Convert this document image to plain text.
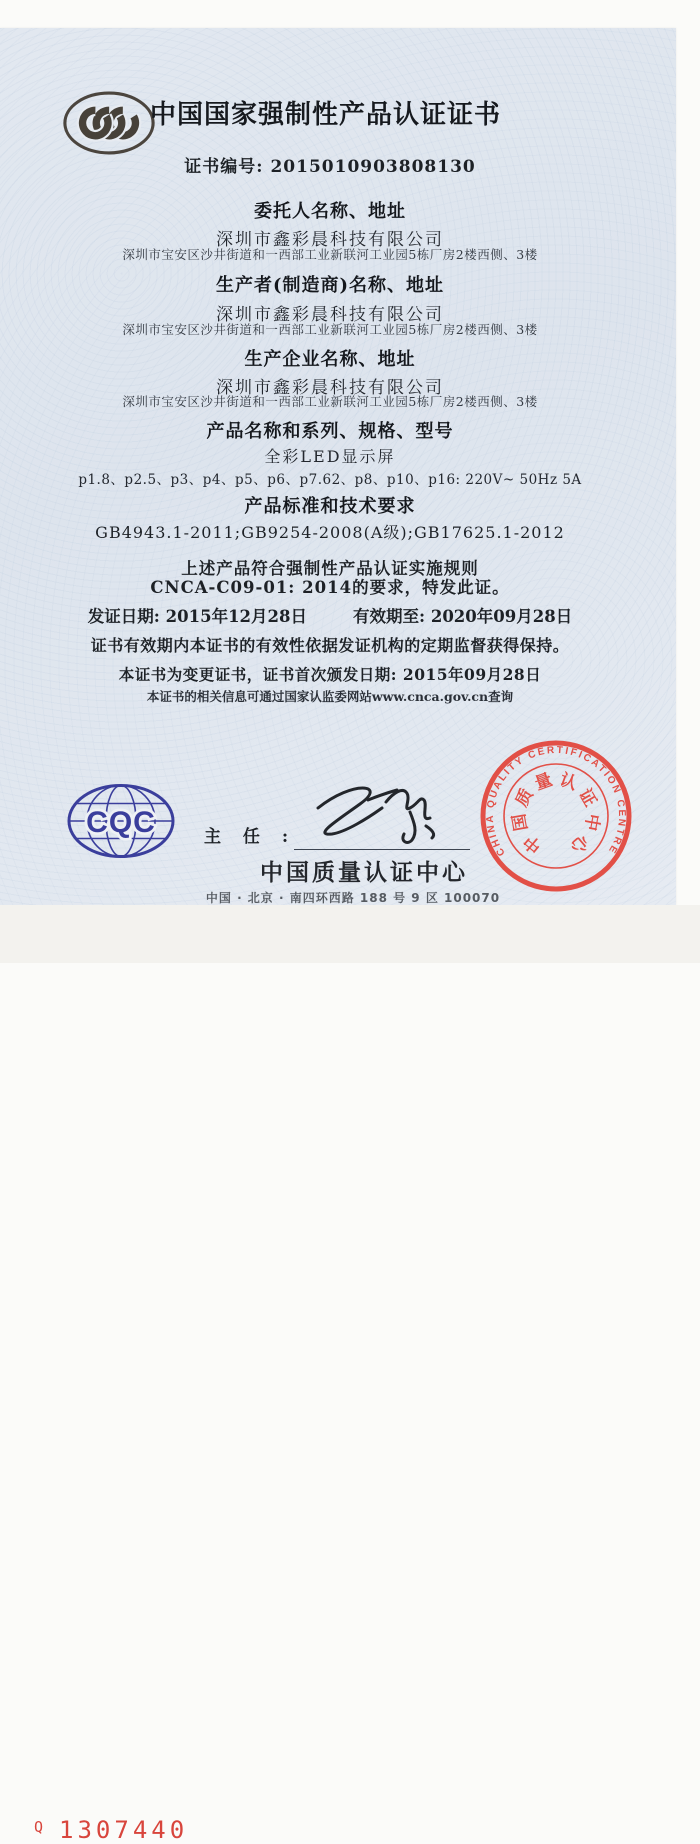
中国国家强制性产品认证证书
证书编号: 2015010903808130
委托人名称、地址
深圳市鑫彩晨科技有限公司
深圳市宝安区沙井街道和一西部工业新联河工业园5栋厂房2楼西侧、3楼
生产者(制造商)名称、地址
深圳市鑫彩晨科技有限公司
深圳市宝安区沙井街道和一西部工业新联河工业园5栋厂房2楼西侧、3楼
生产企业名称、地址
深圳市鑫彩晨科技有限公司
深圳市宝安区沙井街道和一西部工业新联河工业园5栋厂房2楼西侧、3楼
产品名称和系列、规格、型号
全彩LED显示屏
p1.8、p2.5、p3、p4、p5、p6、p7.62、p8、p10、p16: 220V~ 50Hz 5A
产品标准和技术要求
GB4943.1-2011;GB9254-2008(A级);GB17625.1-2012
上述产品符合强制性产品认证实施规则
CNCA-C09-01: 2014的要求，特发此证。
发证日期: 2015年12月28日	有效期至: 2020年09月28日
证书有效期内本证书的有效性依据发证机构的定期监督获得保持。
本证书为变更证书，证书首次颁发日期: 2015年09月28日
本证书的相关信息可通过国家认监委网站www.cnca.gov.cn查询
CQC	主 任 :
中国质量认证中心
中国 · 北京 · 南四环西路 188 号 9 区 100070
CHINA QUALITY CERTIFICATION CENTRE
中
国
质
量 认
证
中
心
Q 1307440
